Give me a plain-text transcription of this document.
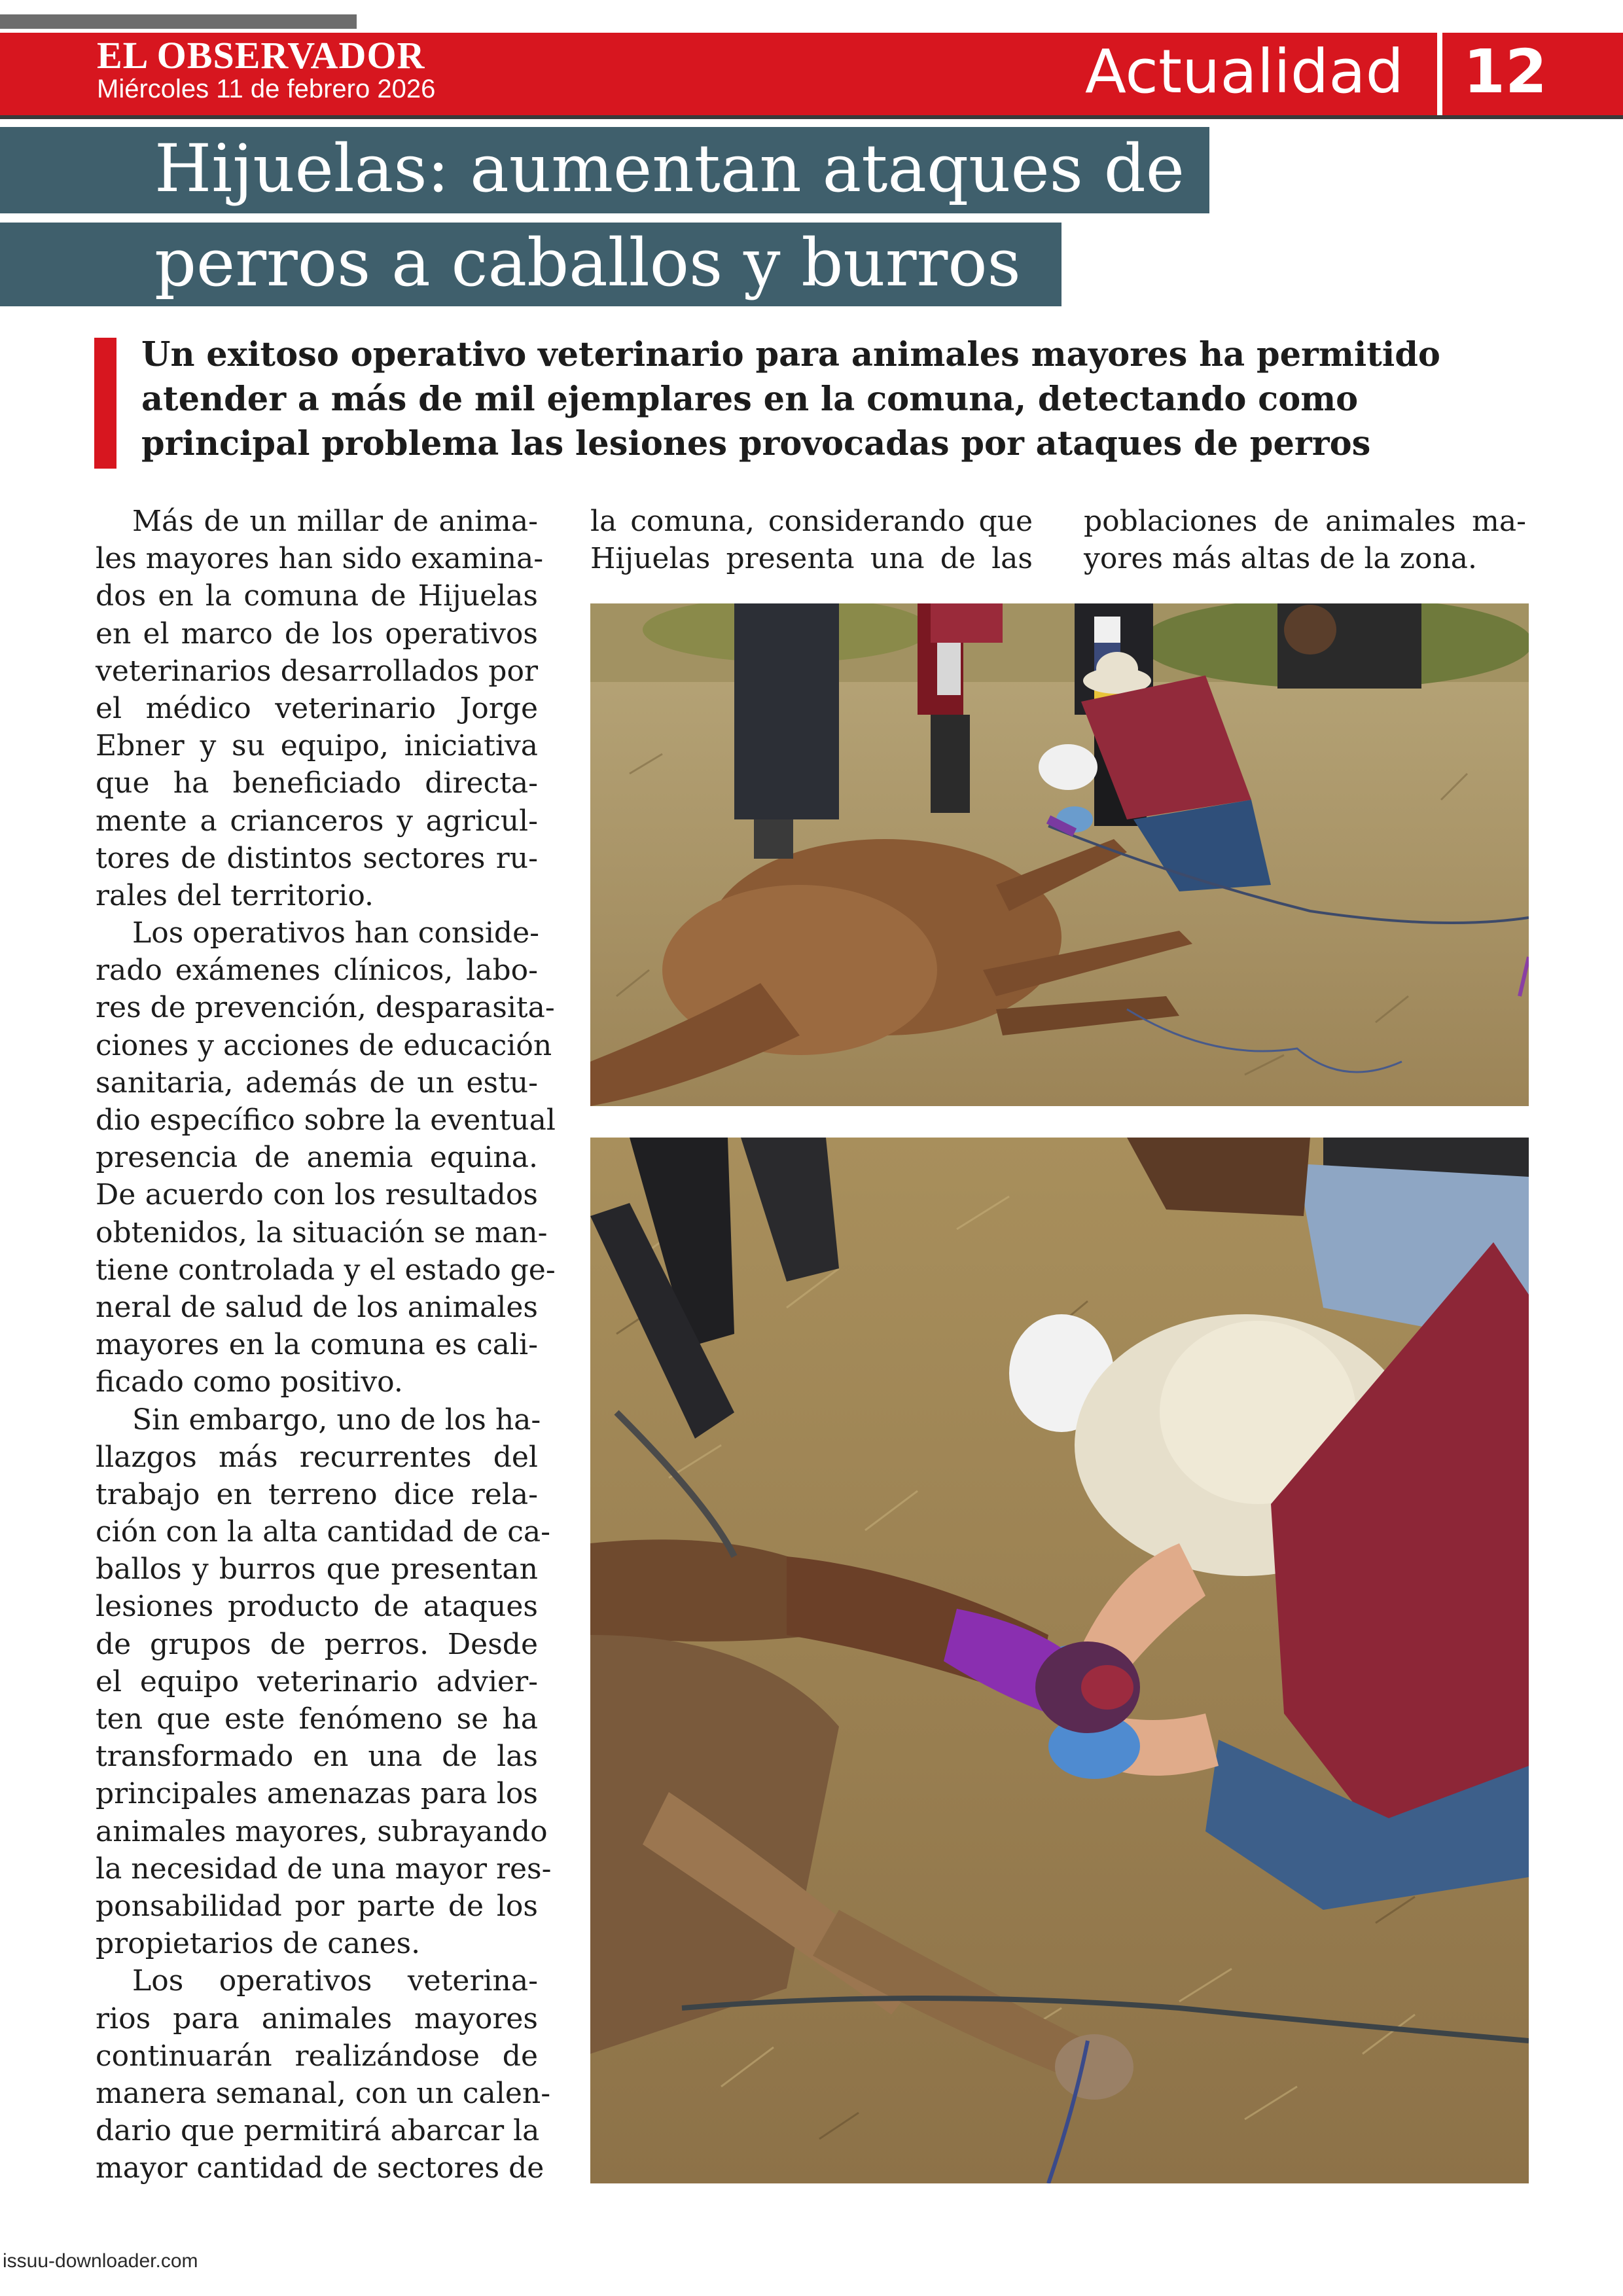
EL OBSERVADOR
Miércoles 11 de febrero 2026	Actualidad 12
Hijuelas: aumentan ataques de
perros a caballos y burros
Un exitoso operativo veterinario para animales mayores ha permitido
atender a más de mil ejemplares en la comuna, detectando como
principal problema las lesiones provocadas por ataques de perros

Más de un millar de anima-
les mayores han sido examina-
dos en la comuna de Hijuelas
en el marco de los operativos
veterinarios desarrollados por
el médico veterinario Jorge
Ebner y su equipo, iniciativa
que ha beneficiado directa-
mente a crianceros y agricul-
tores de distintos sectores ru-
rales del territorio.

Los operativos han conside-
rado exámenes clínicos, labo-
res de prevención, desparasita-
ciones y acciones de educación
sanitaria, además de un estu-
dio específico sobre la eventual
presencia de anemia equina.
De acuerdo con los resultados
obtenidos, la situación se man-
tiene controlada y el estado ge-
neral de salud de los animales
mayores en la comuna es cali-
ficado como positivo.

Sin embargo, uno de los ha-
llazgos más recurrentes del
trabajo en terreno dice rela-
ción con la alta cantidad de ca-
ballos y burros que presentan
lesiones producto de ataques
de grupos de perros. Desde
el equipo veterinario advier-
ten que este fenómeno se ha
transformado en una de las
principales amenazas para los
animales mayores, subrayando
la necesidad de una mayor res-
ponsabilidad por parte de los
propietarios de canes.

Los operativos veterina-
rios para animales mayores
continuarán realizándose de
manera semanal, con un calen-
dario que permitirá abarcar la
mayor cantidad de sectores de

la comuna, considerando que
Hijuelas presenta una de las
poblaciones de animales ma-
yores más altas de la zona.
issuu-downloader.com
